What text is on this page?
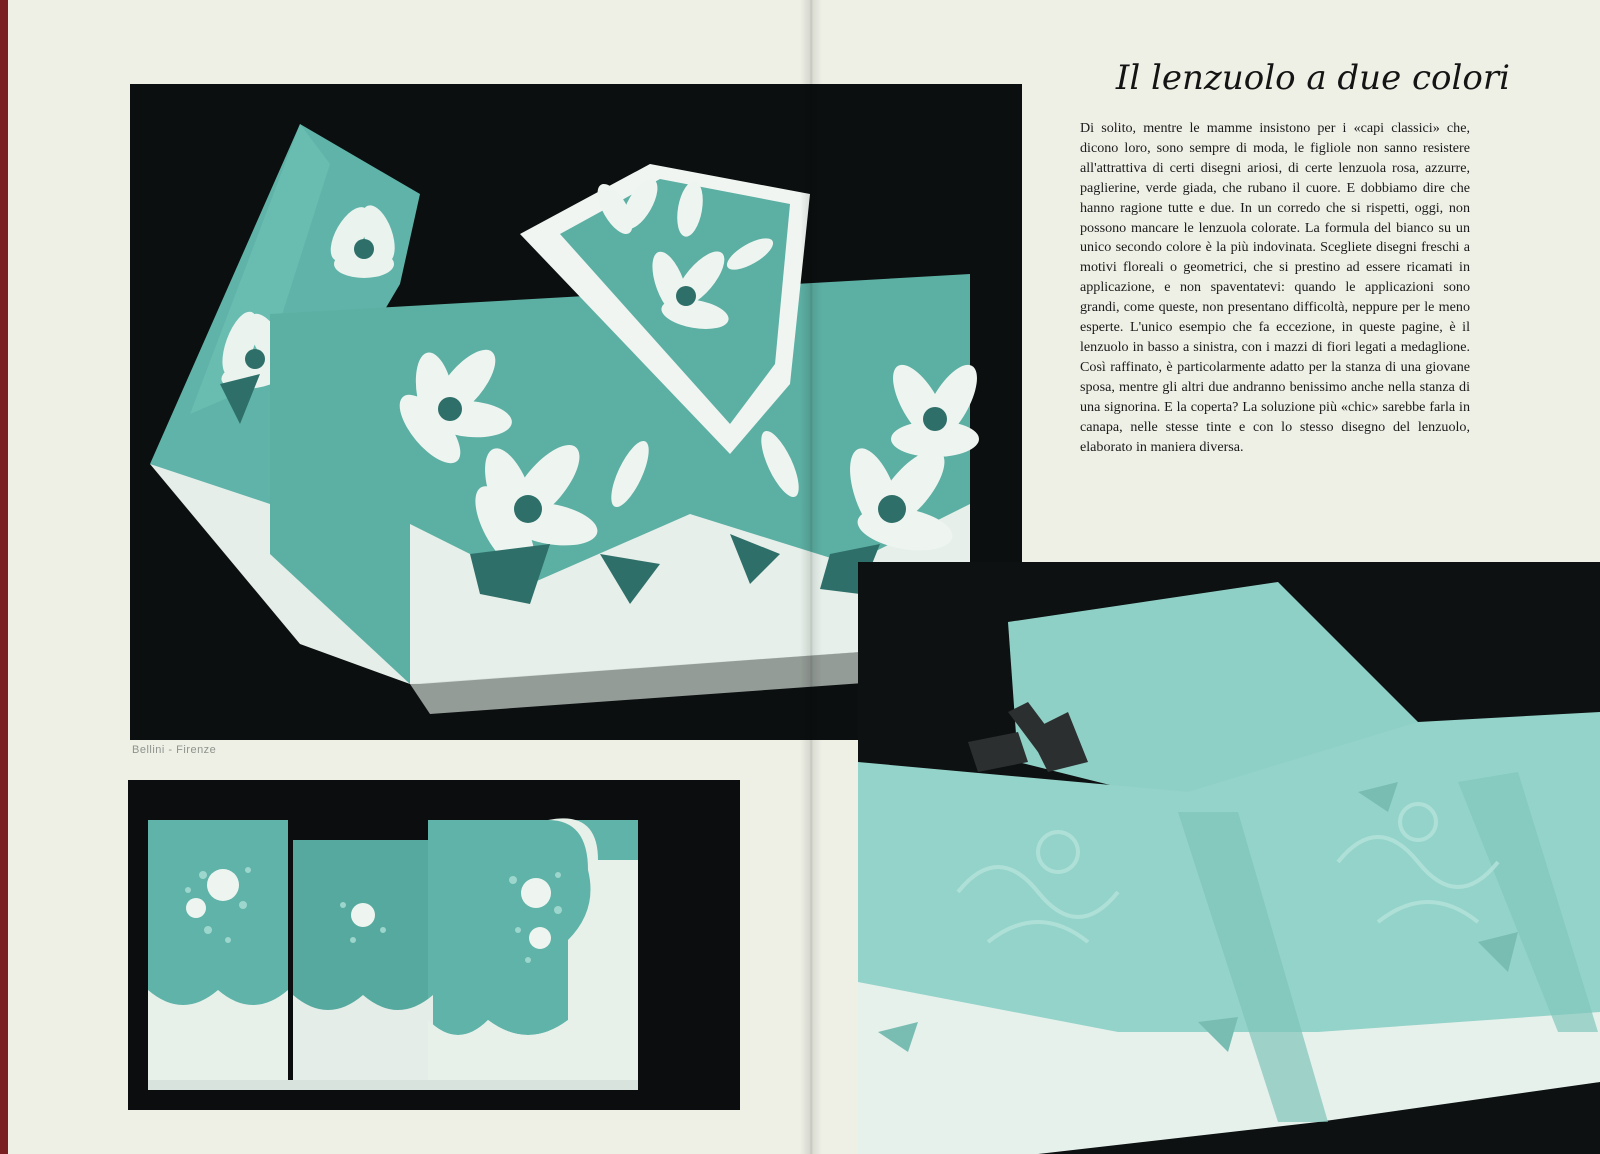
Bellini - Firenze
Il lenzuolo a due colori
Di solito, mentre le mamme insistono per i «capi classici» che, dicono loro, sono sempre di moda, le figliole non sanno resistere all'attrattiva di certi disegni ariosi, di certe lenzuola rosa, azzurre, paglierine, verde giada, che rubano il cuore. E dobbiamo dire che hanno ragione tutte e due. In un corredo che si rispetti, oggi, non possono mancare le lenzuola colorate. La formula del bianco su un unico secondo colore è la più indovinata. Scegliete disegni freschi a motivi floreali o geometrici, che si prestino ad essere ricamati in applicazione, e non spaventatevi: quando le applicazioni sono grandi, come queste, non presentano difficoltà, neppure per le meno esperte. L'unico esempio che fa eccezione, in queste pagine, è il lenzuolo in basso a sinistra, con i mazzi di fiori legati a medaglione. Così raffinato, è particolarmente adatto per la stanza di una giovane sposa, mentre gli altri due andranno benissimo anche nella stanza di una signorina. E la coperta? La soluzione più «chic» sarebbe farla in canapa, nelle stesse tinte e con lo stesso disegno del lenzuolo, elaborato in maniera diversa.
